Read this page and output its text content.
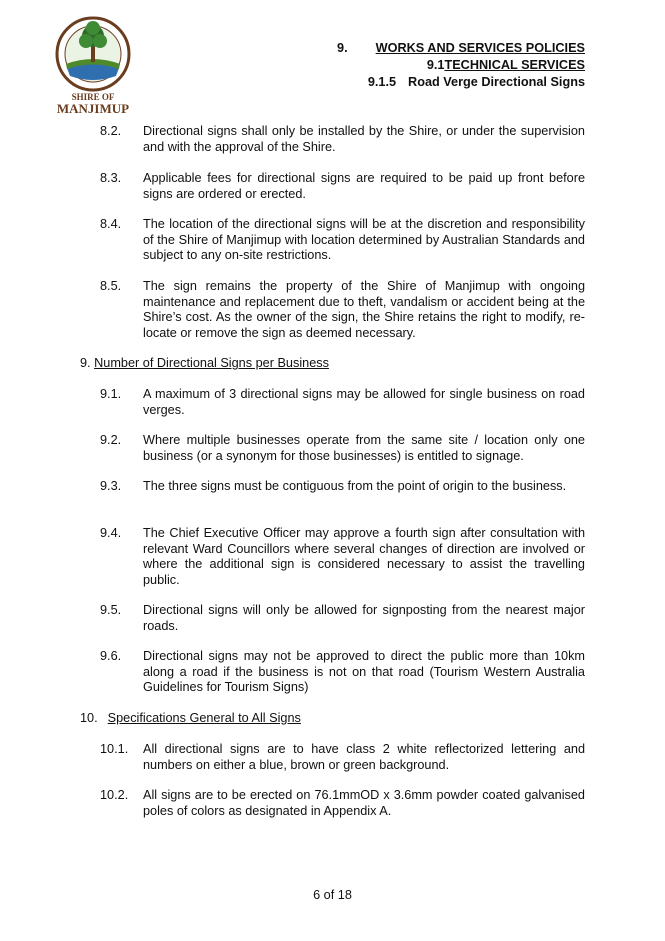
SHIRE OF
MANJIMUP
9. WORKS AND SERVICES POLICIES
9.1TECHNICAL SERVICES
9.1.5 Road Verge Directional Signs
8.2. Directional signs shall only be installed by the Shire, or under the supervision and with the approval of the Shire.
8.3. Applicable fees for directional signs are required to be paid up front before signs are ordered or erected.
8.4. The location of the directional signs will be at the discretion and responsibility of the Shire of Manjimup with location determined by Australian Standards and subject to any on-site restrictions.
8.5. The sign remains the property of the Shire of Manjimup with ongoing maintenance and replacement due to theft, vandalism or accident being at the Shire’s cost. As the owner of the sign, the Shire retains the right to modify, re-locate or remove the sign as deemed necessary.
9. Number of Directional Signs per Business
9.1. A maximum of 3 directional signs may be allowed for single business on road verges.
9.2. Where multiple businesses operate from the same site / location only one business (or a synonym for those businesses) is entitled to signage.
9.3. The three signs must be contiguous from the point of origin to the business.
9.4. The Chief Executive Officer may approve a fourth sign after consultation with relevant Ward Councillors where several changes of direction are involved or where the additional sign is considered necessary to assist the travelling public.
9.5. Directional signs will only be allowed for signposting from the nearest major roads.
9.6. Directional signs may not be approved to direct the public more than 10km along a road if the business is not on that road (Tourism Western Australia Guidelines for Tourism Signs)
10. Specifications General to All Signs
10.1. All directional signs are to have class 2 white reflectorized lettering and numbers on either a blue, brown or green background.
10.2. All signs are to be erected on 76.1mmOD x 3.6mm powder coated galvanised poles of colors as designated in Appendix A.
6 of 18
